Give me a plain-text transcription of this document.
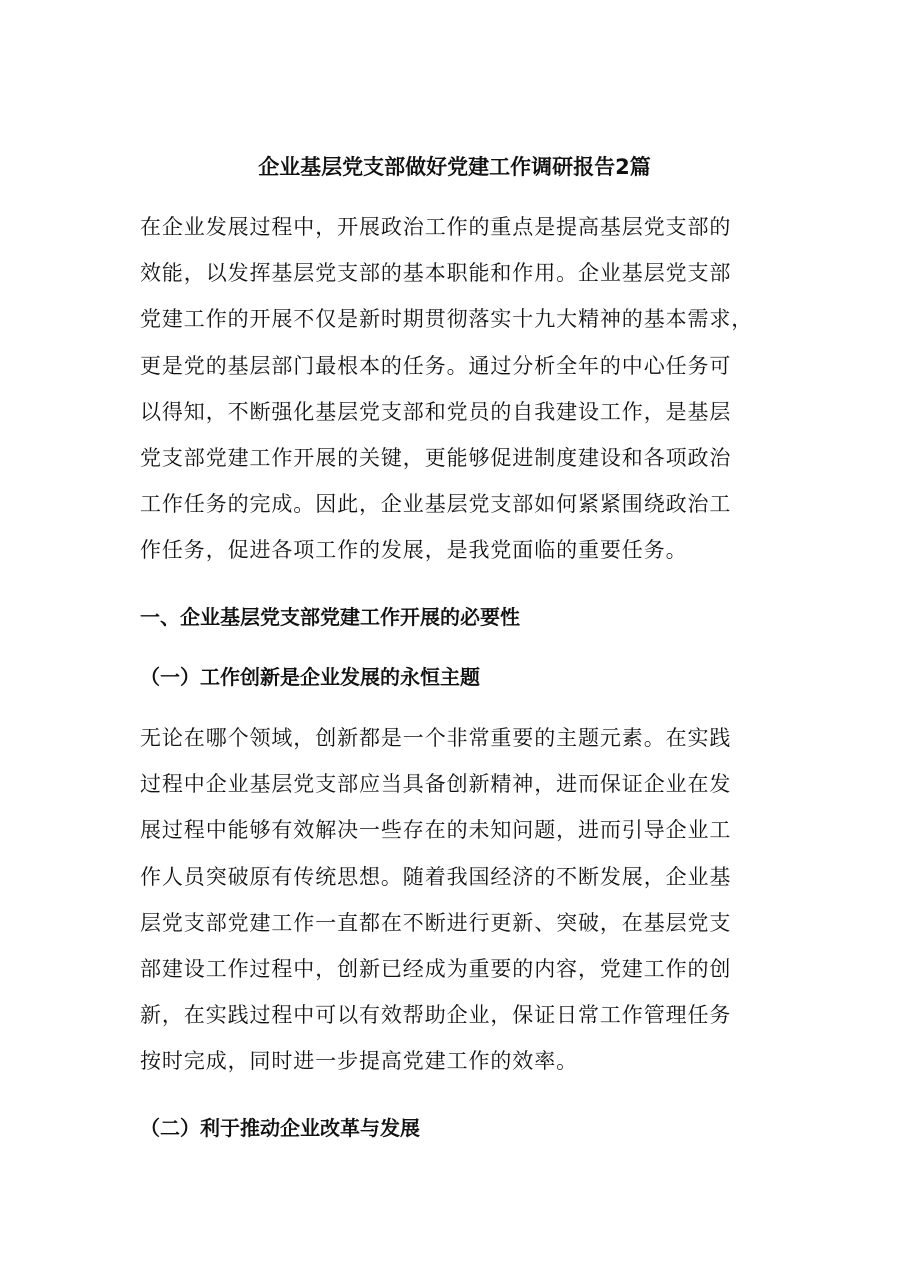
企业基层党支部做好党建工作调研报告2篇

在企业发展过程中，开展政治工作的重点是提高基层党支部的
效能，以发挥基层党支部的基本职能和作用。企业基层党支部
党建工作的开展不仅是新时期贯彻落实十九大精神的基本需求，
更是党的基层部门最根本的任务。通过分析全年的中心任务可
以得知，不断强化基层党支部和党员的自我建设工作，是基层
党支部党建工作开展的关键，更能够促进制度建设和各项政治
工作任务的完成。因此，企业基层党支部如何紧紧围绕政治工
作任务，促进各项工作的发展，是我党面临的重要任务。

一、企业基层党支部党建工作开展的必要性
（一）工作创新是企业发展的永恒主题

无论在哪个领域，创新都是一个非常重要的主题元素。在实践
过程中企业基层党支部应当具备创新精神，进而保证企业在发
展过程中能够有效解决一些存在的未知问题，进而引导企业工
作人员突破原有传统思想。随着我国经济的不断发展，企业基
层党支部党建工作一直都在不断进行更新、突破，在基层党支
部建设工作过程中，创新已经成为重要的内容，党建工作的创
新，在实践过程中可以有效帮助企业，保证日常工作管理任务
按时完成，同时进一步提高党建工作的效率。

（二）利于推动企业改革与发展
